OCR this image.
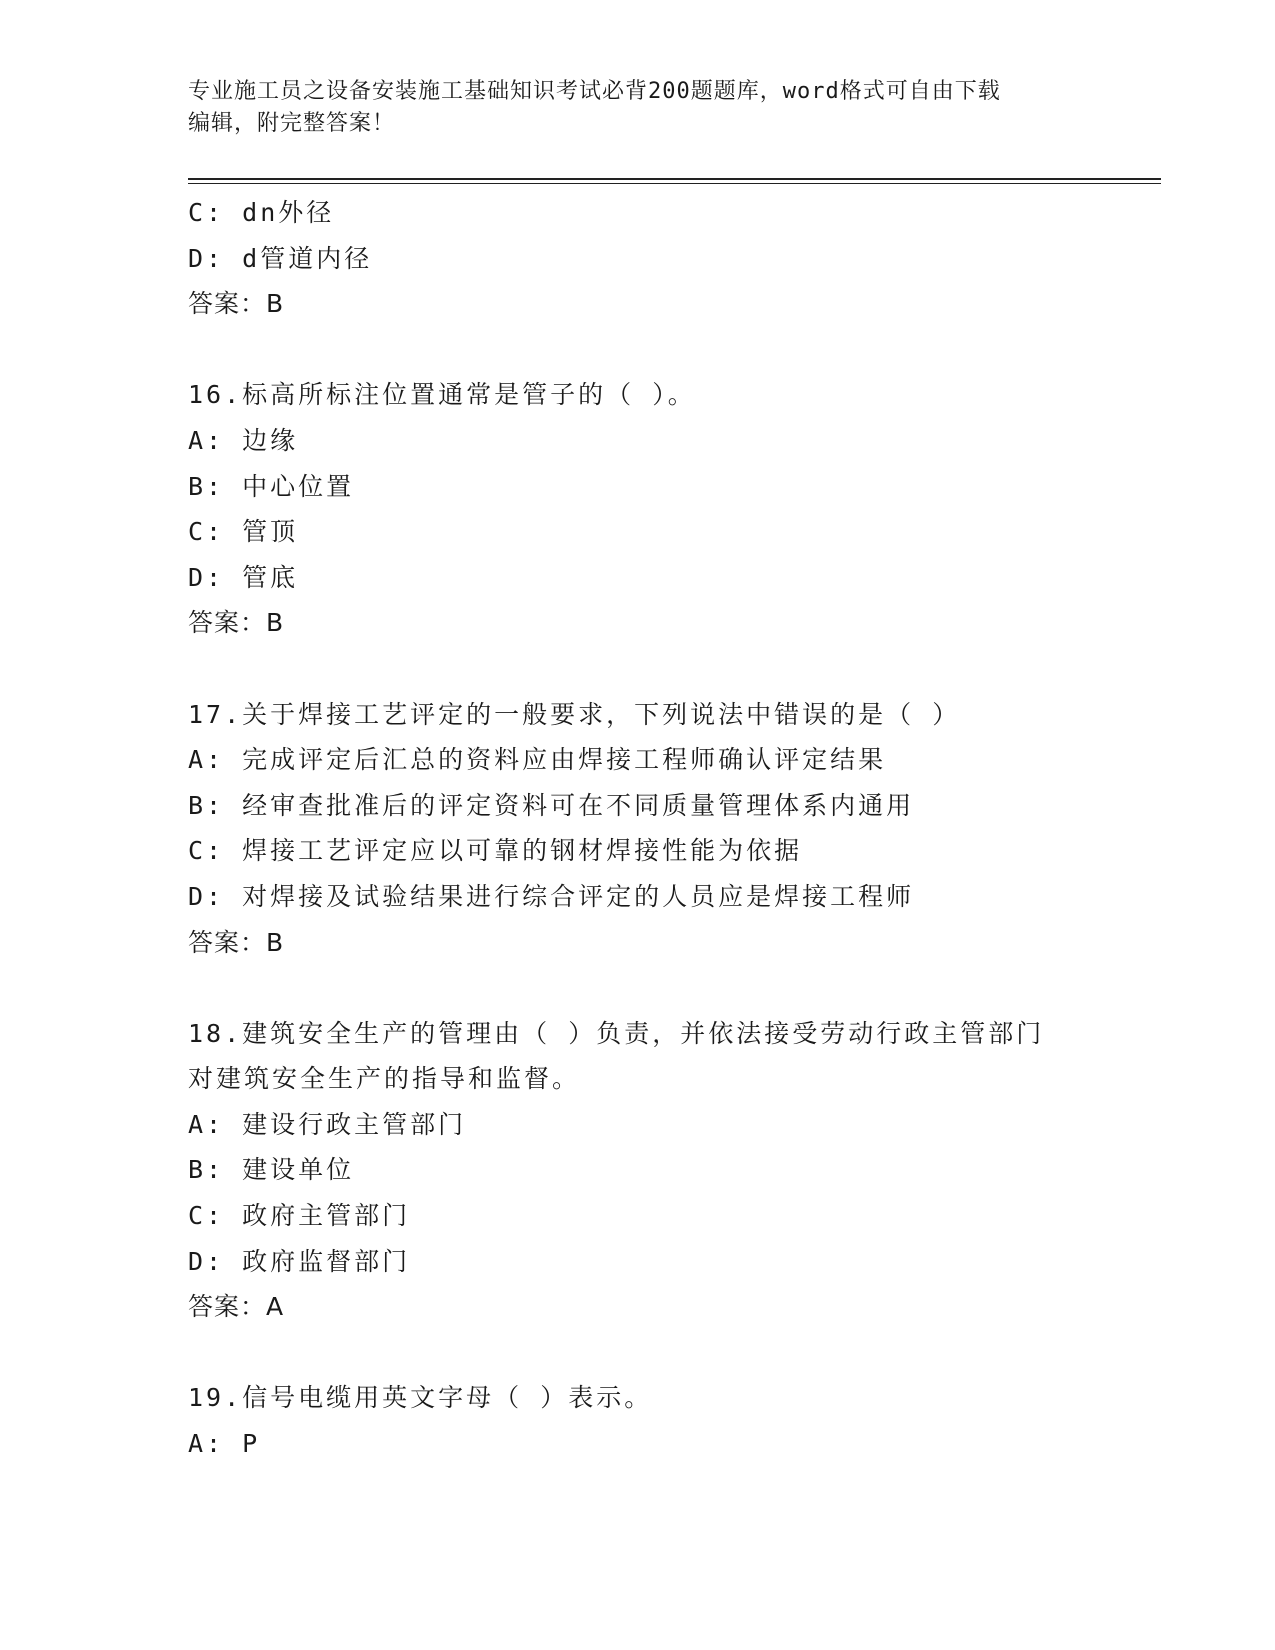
专业施工员之设备安装施工基础知识考试必背200题题库，word格式可自由下载
编辑，附完整答案！
C: dn外径
D: d管道内径
答案：B
16.标高所标注位置通常是管子的（ ）。
A: 边缘
B: 中心位置
C: 管顶
D: 管底
答案：B
17.关于焊接工艺评定的一般要求，下列说法中错误的是（ ）
A: 完成评定后汇总的资料应由焊接工程师确认评定结果
B: 经审查批准后的评定资料可在不同质量管理体系内通用
C: 焊接工艺评定应以可靠的钢材焊接性能为依据
D: 对焊接及试验结果进行综合评定的人员应是焊接工程师
答案：B
18.建筑安全生产的管理由（ ）负责，并依法接受劳动行政主管部门
对建筑安全生产的指导和监督。
A: 建设行政主管部门
B: 建设单位
C: 政府主管部门
D: 政府监督部门
答案：A
19.信号电缆用英文字母（ ）表示。
A: P
